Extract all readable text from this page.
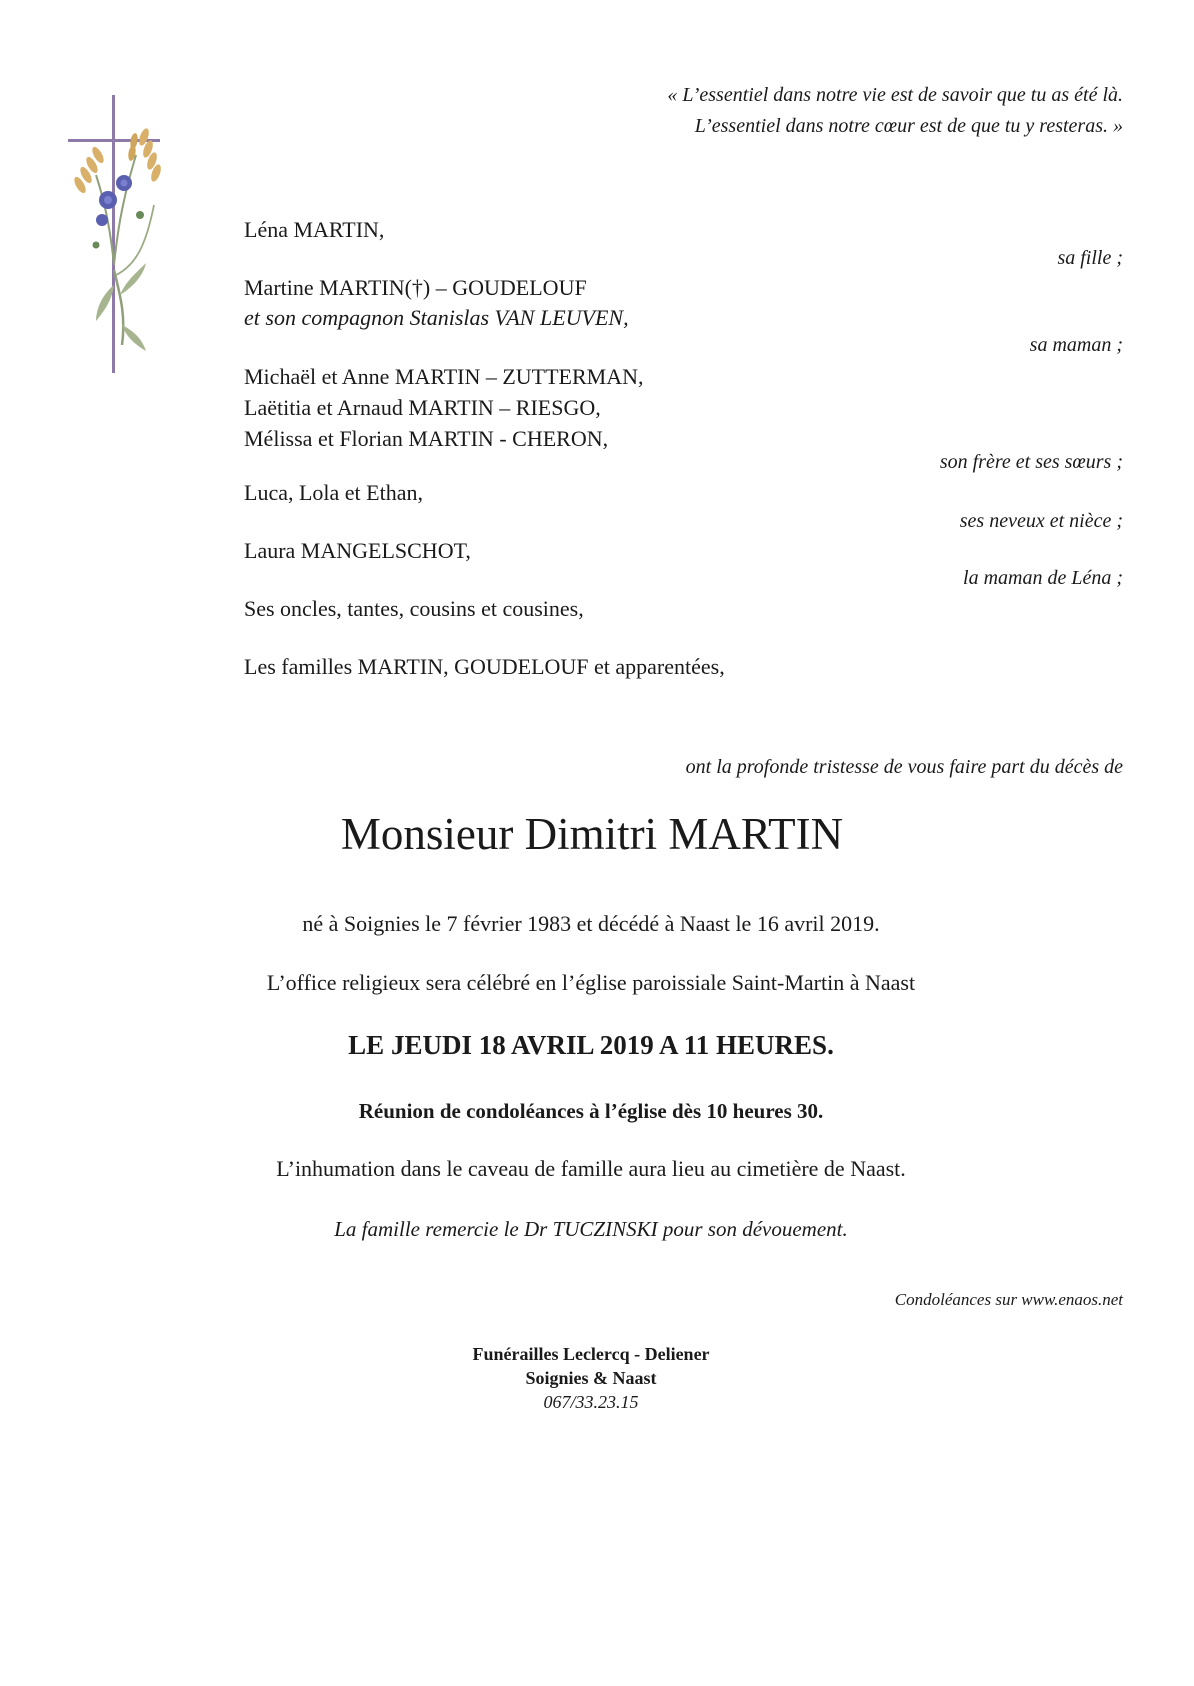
« L’essentiel dans notre vie est de savoir que tu as été là.
L’essentiel dans notre cœur est de que tu y resteras. »
Léna MARTIN,
sa fille ;
Martine MARTIN(†) – GOUDELOUF
et son compagnon Stanislas VAN LEUVEN,
sa maman ;
Michaël et Anne MARTIN – ZUTTERMAN,
Laëtitia et Arnaud MARTIN – RIESGO,
Mélissa et Florian MARTIN - CHERON,
son frère et ses sœurs ;
Luca, Lola et Ethan,
ses neveux et nièce ;
Laura MANGELSCHOT,
la maman de Léna ;
Ses oncles, tantes, cousins et cousines,
Les familles MARTIN, GOUDELOUF et apparentées,
ont la profonde tristesse de vous faire part du décès de
Monsieur Dimitri MARTIN
né à Soignies le 7 février 1983 et décédé à Naast le 16 avril 2019.
L’office religieux sera célébré en l’église paroissiale Saint-Martin à Naast
LE JEUDI 18 AVRIL 2019 A 11 HEURES.
Réunion de condoléances à l’église dès 10 heures 30.
L’inhumation dans le caveau de famille aura lieu au cimetière de Naast.
La famille remercie le Dr TUCZINSKI pour son dévouement.
Condoléances sur www.enaos.net
Funérailles Leclercq - Deliener
Soignies & Naast
067/33.23.15
